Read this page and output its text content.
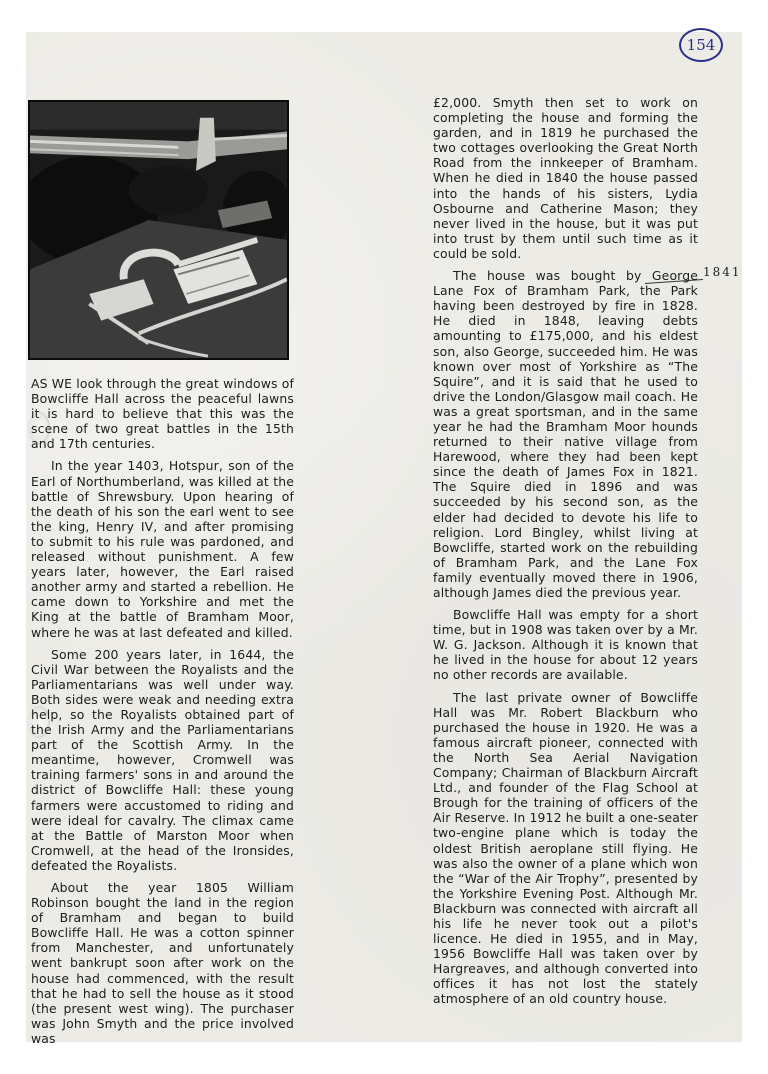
154
1841

AS WE look through the great windows of Bowcliffe Hall across the peaceful lawns it is hard to believe that this was the scene of two great battles in the 15th and 17th centuries.

In the year 1403, Hotspur, son of the Earl of Northumberland, was killed at the battle of Shrewsbury. Upon hearing of the death of his son the earl went to see the king, Henry IV, and after promising to submit to his rule was pardoned, and released without punishment. A few years later, however, the Earl raised another army and started a rebellion. He came down to Yorkshire and met the King at the battle of Bramham Moor, where he was at last defeated and killed.

Some 200 years later, in 1644, the Civil War between the Royalists and the Parliamentarians was well under way. Both sides were weak and needing extra help, so the Royalists obtained part of the Irish Army and the Parliamentarians part of the Scottish Army. In the meantime, however, Cromwell was training farmers' sons in and around the district of Bowcliffe Hall: these young farmers were accustomed to riding and were ideal for cavalry. The climax came at the Battle of Marston Moor when Cromwell, at the head of the Ironsides, defeated the Royalists.

About the year 1805 William Robinson bought the land in the region of Bramham and began to build Bowcliffe Hall. He was a cotton spinner from Manchester, and unfortunately went bankrupt soon after work on the house had commenced, with the result that he had to sell the house as it stood (the present west wing). The purchaser was John Smyth and the price involved was

£2,000. Smyth then set to work on completing the house and forming the garden, and in 1819 he purchased the two cottages overlooking the Great North Road from the innkeeper of Bramham. When he died in 1840 the house passed into the hands of his sisters, Lydia Osbourne and Catherine Mason; they never lived in the house, but it was put into trust by them until such time as it could be sold.

The house was bought by George Lane Fox of Bramham Park, the Park having been destroyed by fire in 1828. He died in 1848, leaving debts amounting to £175,000, and his eldest son, also George, succeeded him. He was known over most of Yorkshire as “The Squire”, and it is said that he used to drive the London/Glasgow mail coach. He was a great sportsman, and in the same year he had the Bramham Moor hounds returned to their native village from Harewood, where they had been kept since the death of James Fox in 1821. The Squire died in 1896 and was succeeded by his second son, as the elder had decided to devote his life to religion. Lord Bingley, whilst living at Bowcliffe, started work on the rebuilding of Bramham Park, and the Lane Fox family eventually moved there in 1906, although James died the previous year.

Bowcliffe Hall was empty for a short time, but in 1908 was taken over by a Mr. W. G. Jackson. Although it is known that he lived in the house for about 12 years no other records are available.

The last private owner of Bowcliffe Hall was Mr. Robert Blackburn who purchased the house in 1920. He was a famous aircraft pioneer, connected with the North Sea Aerial Navigation Company; Chairman of Blackburn Aircraft Ltd., and founder of the Flag School at Brough for the training of officers of the Air Reserve. In 1912 he built a one-seater two-engine plane which is today the oldest British aeroplane still flying. He was also the owner of a plane which won the “War of the Air Trophy”, presented by the Yorkshire Evening Post. Although Mr. Blackburn was connected with aircraft all his life he never took out a pilot's licence. He died in 1955, and in May, 1956 Bowcliffe Hall was taken over by Hargreaves, and although converted into offices it has not lost the stately atmosphere of an old country house.
